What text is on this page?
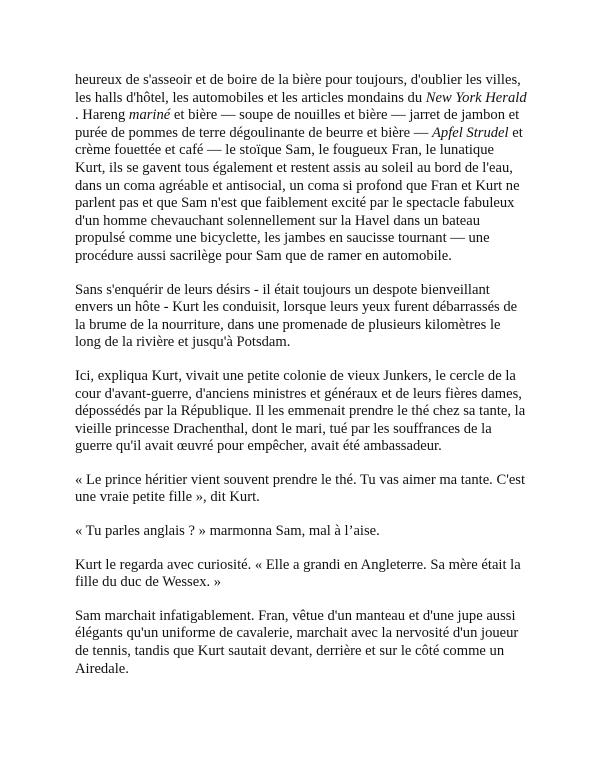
heureux de s'asseoir et de boire de la bière pour toujours, d'oublier les villes, les halls d'hôtel, les automobiles et les articles mondains du New York Herald . Hareng mariné et bière — soupe de nouilles et bière — jarret de jambon et purée de pommes de terre dégoulinante de beurre et bière — Apfel Strudel et crème fouettée et café — le stoïque Sam, le fougueux Fran, le lunatique Kurt, ils se gavent tous également et restent assis au soleil au bord de l'eau, dans un coma agréable et antisocial, un coma si profond que Fran et Kurt ne parlent pas et que Sam n'est que faiblement excité par le spectacle fabuleux d'un homme chevauchant solennellement sur la Havel dans un bateau propulsé comme une bicyclette, les jambes en saucisse tournant — une procédure aussi sacrilège pour Sam que de ramer en automobile.

Sans s'enquérir de leurs désirs - il était toujours un despote bienveillant envers un hôte - Kurt les conduisit, lorsque leurs yeux furent débarrassés de la brume de la nourriture, dans une promenade de plusieurs kilomètres le long de la rivière et jusqu'à Potsdam.

Ici, expliqua Kurt, vivait une petite colonie de vieux Junkers, le cercle de la cour d'avant-guerre, d'anciens ministres et généraux et de leurs fières dames, dépossédés par la République. Il les emmenait prendre le thé chez sa tante, la vieille princesse Drachenthal, dont le mari, tué par les souffrances de la guerre qu'il avait œuvré pour empêcher, avait été ambassadeur.

« Le prince héritier vient souvent prendre le thé. Tu vas aimer ma tante. C'est une vraie petite fille », dit Kurt.

« Tu parles anglais ? » marmonna Sam, mal à l’aise.

Kurt le regarda avec curiosité. « Elle a grandi en Angleterre. Sa mère était la fille du duc de Wessex. »

Sam marchait infatigablement. Fran, vêtue d'un manteau et d'une jupe aussi élégants qu'un uniforme de cavalerie, marchait avec la nervosité d'un joueur de tennis, tandis que Kurt sautait devant, derrière et sur le côté comme un Airedale.
